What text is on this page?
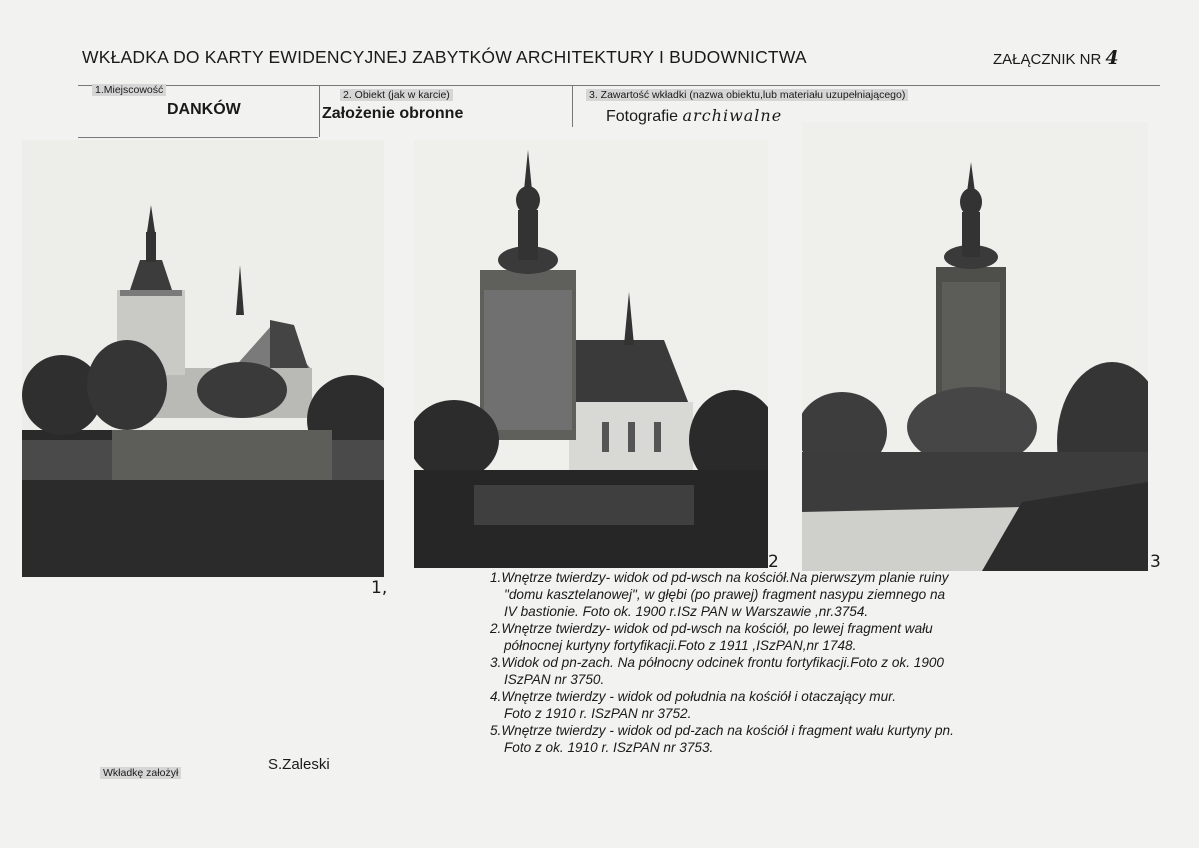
WKŁADKA DO KARTY EWIDENCYJNEJ ZABYTKÓW ARCHITEKTURY I BUDOWNICTWA	ZAŁĄCZNIK NR 4
1.Miejscowość
DANKÓW
2. Obiekt (jak w karcie)
Założenie obronne
3. Zawartość wkładki (nazwa obiektu,lub materiału uzupełniającego)
Fotografie archiwalne
1,
2	3

1.Wnętrze twierdzy- widok od pd-wsch na kościół.Na pierwszym planie ruiny

"domu kasztelanowej", w głębi (po prawej) fragment nasypu ziemnego na

IV bastionie. Foto ok. 1900 r.ISz PAN w Warszawie ,nr.3754.

2.Wnętrze twierdzy- widok od pd-wsch na kościół, po lewej fragment wału

północnej kurtyny fortyfikacji.Foto z 1911 ,ISzPAN,nr 1748.

3.Widok od pn-zach. Na północny odcinek frontu fortyfikacji.Foto z ok. 1900

ISzPAN nr 3750.

4.Wnętrze twierdzy - widok od południa na kościół i otaczający mur.

Foto z 1910 r. ISzPAN nr 3752.

5.Wnętrze twierdzy - widok od pd-zach na kościół i fragment wału kurtyny pn.

Foto z ok. 1910 r. ISzPAN nr 3753.

Wkładkę założył	S.Zaleski
